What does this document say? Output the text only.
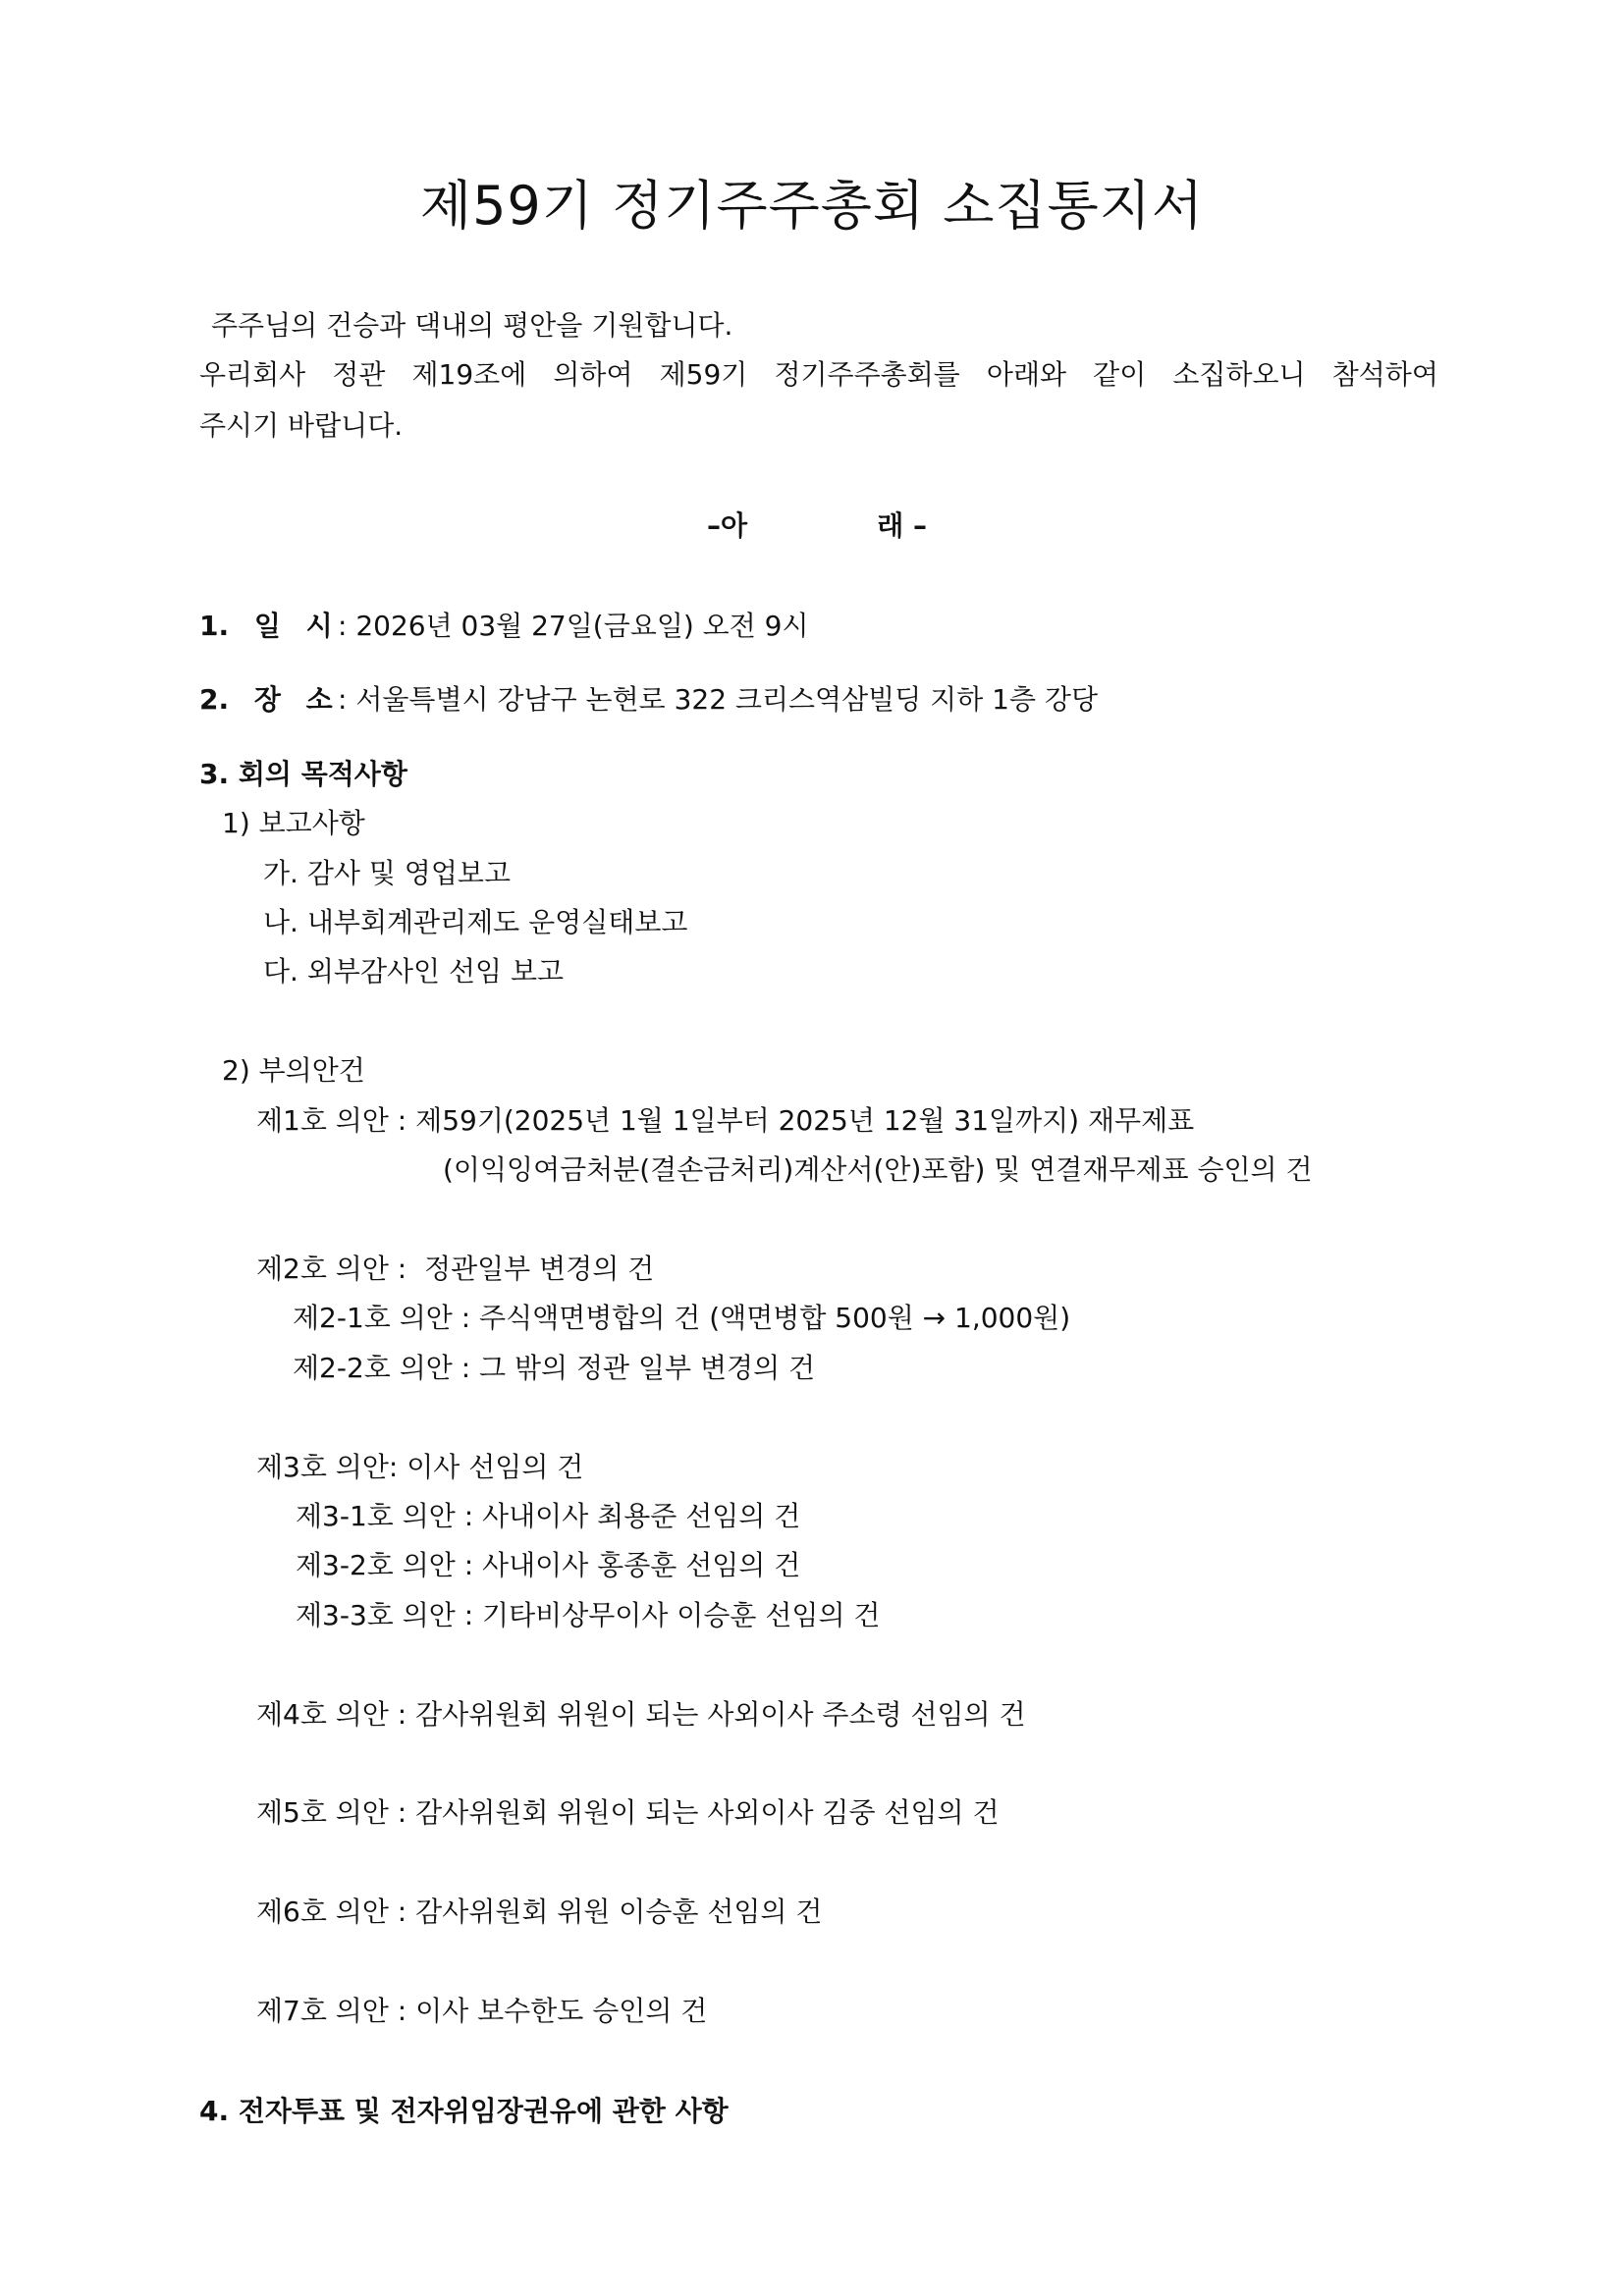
제59기 정기주주총회 소집통지서
주주님의 건승과 댁내의 평안을 기원합니다.
우리회사 정관 제19조에 의하여 제59기 정기주주총회를 아래와 같이 소집하오니 참석하여
주시기 바랍니다.
–아	래 –
1. 일 시 : 2026년 03월 27일(금요일) 오전 9시
2. 장 소 : 서울특별시 강남구 논현로 322 크리스역삼빌딩 지하 1층 강당
3. 회의 목적사항
1) 보고사항
가. 감사 및 영업보고
나. 내부회계관리제도 운영실태보고
다. 외부감사인 선임 보고
2) 부의안건
제1호 의안 : 제59기(2025년 1월 1일부터 2025년 12월 31일까지) 재무제표
(이익잉여금처분(결손금처리)계산서(안)포함) 및 연결재무제표 승인의 건
제2호 의안 :  정관일부 변경의 건
제2-1호 의안 : 주식액면병합의 건 (액면병합 500원 → 1,000원)
제2-2호 의안 : 그 밖의 정관 일부 변경의 건
제3호 의안: 이사 선임의 건
제3-1호 의안 : 사내이사 최용준 선임의 건
제3-2호 의안 : 사내이사 홍종훈 선임의 건
제3-3호 의안 : 기타비상무이사 이승훈 선임의 건
제4호 의안 : 감사위원회 위원이 되는 사외이사 주소령 선임의 건
제5호 의안 : 감사위원회 위원이 되는 사외이사 김중 선임의 건
제6호 의안 : 감사위원회 위원 이승훈 선임의 건
제7호 의안 : 이사 보수한도 승인의 건
4. 전자투표 및 전자위임장권유에 관한 사항
